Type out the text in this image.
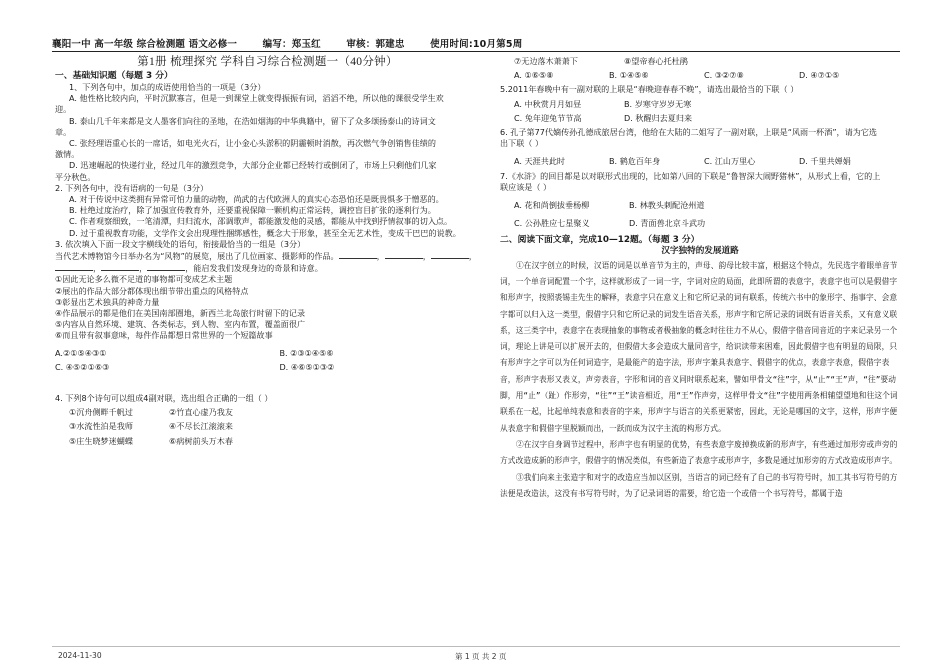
襄阳一中 高一年级 综合检测题 语文必修一	编写：郑玉红	审核：郭建忠	使用时间:10月第5周

第1册 梳理探究 学科自习综合检测题一（40分钟）

一、基础知识题（每题 3 分）

1、下列各句中，加点的成语使用恰当的一项是（3分）

A. 他性格比较内向，平时沉默寡言，但是一到课堂上就变得振振有词，滔滔不绝，所以他的课很受学生欢

迎。

B. 泰山几千年来都是文人墨客们向往的圣地，在浩如烟海的中华典籍中，留下了众多颂扬泰山的诗词文

章。

C. 张经理语重心长的一席话，如电光火石，让小金心头淤积的阴霾顿时消散，再次燃气争创销售佳绩的

激情。

D. 迅速崛起的快递行业，经过几年的激烈竞争，大部分企业都已经转行或倒闭了，市场上只剩他们几家

平分秋色。

2. 下列各句中，没有语病的一句是（3分）

A. 对于传说中这类拥有异常可怕力量的动物，尚武的古代欧洲人的真实心态恐怕还是既畏惧多于憎恶的。

B. 杜绝过度治疗，除了加强宣传教育外，还要重视保障一颗机构正常运转，调控盲目扩张的逐利行为。

C. 作者观察细致，一笔清潭，归归流水，邵调歌声，都能激发他的灵感，都能从中找到抒情叙事的切入点。

D. 过于重视教育功能，文学作文会出现理性捆绑感性，概念大于形象，甚至全无艺术性，变成干巴巴的说教。

3. 依次填入下面一段文字横线处的语句，衔接最恰当的一组是（3分）

当代艺术博物馆今日举办名为“风物”的展览，展出了几位画家、摄影师的作品。	，	，	，

，	，	，能启发我们发现身边的奇景和诗意。

①因此无论多么微不足道的事物都可变成艺术主题

②展出的作品大部分都体现出细节带出重点的风格特点

③彰显出艺术独具的神奇力量

④作品展示的都是他们在美国南部圈地，新西兰北岛旅行时留下的记录

⑤内容从自然环境、建筑、各类标志，到人物、室内布置，覆盖面很广

⑥而且带有叙事意味，每件作品都想日常世界的一个短篇故事

A.②①⑤④③①	B. ②③①④⑤⑥
C. ④⑤②①⑥③	D. ④⑥⑤①③②

4. 下列8个诗句可以组成4副对联，选出组合正确的一组（ ）

①沉舟侧畔千帆过	②竹直心虚乃我友
③水流性泊是我师	④不尽长江滚滚来
⑤庄生晓梦迷蝴蝶	⑥病树前头万木春
⑦无边落木萧萧下	⑧望帝春心托杜鹃
A. ①⑥⑤⑧	B. ①④⑤⑥	C. ③②⑦⑧	D. ④⑦①⑤

5.2011年春晚中有一副对联的上联是“春晚迎春春不晚”，请选出最恰当的下联（ ）

A. 中秋赏月月如昼	B. 岁寒守岁岁无寒
C. 兔年迎兔节节高	D. 秋醒归去夏归来

6. 孔子第77代嫡传孙孔德成旅居台湾，他给在大陆的二姐写了一副对联，上联是“风雨一杯酒”，请为它选

出下联（ ）

A. 天涯共此时	B. 鹤危百年身	C. 江山万里心	D. 千里共婵娟

7.《水浒》的回目都是以对联形式出现的，比如第八回的下联是“鲁智深大闹野猪林”，从形式上看，它的上

联应该是（ ）

A. 花和尚倒拔垂杨柳	B. 林教头刺配沧州道
C. 公孙胜应七星聚义	D. 青面兽北京斗武功

二、阅读下面文章，完成10—12题。（每题 3 分）

汉字独特的发展道路

①在汉字创立的时候，汉语的词是以单音节为主的，声母、韵母比较丰富，根据这个特点，先民选字着眼单音节词，一个单音词配置一个字，这样就形成了一词一字，字词对应的局面，此即所谓的表意字，表意字也可以是假借字和形声字，按照裘锡圭先生的解释，表意字只在意义上和它所记录的词有联系，传统六书中的象形字、指事字、会意字都可以归入这一类型，假借字只和它所记录的词发生语音关系，形声字和它所记录的词既有语音关系，又有意义联系，这三类字中，表意字在表现抽象的事物或者极抽象的概念时往往力不从心，假借字借音同音近的字来记录另一个词，理论上讲是可以扩展开去的，但假借大多会造成大量同音字，给识读带来困难，因此假借字也有明显的局限，只有形声字之字可以为任何词造字，是最能产的造字法，形声字兼具表意字、假借字的优点，表意字表意，假借字表音，形声字表形又表义，声旁表音，字形和词的音义同时联系起来，譬如甲骨文“往”字，从“止”“王”声，“往”要动脚，用“止”（趾）作形旁，“往”“王”读音相近，用“王”作声旁，这样甲骨文“往”字使用两条相辅望望地和往这个词联系在一起，比起单纯表意和表音的字来，形声字与语言的关系更紧密，因此，无论是哪国的文字，这样，形声字便从表意字和假借字里脱颖而出，一跃而成为汉字主流的构形方式。

②在汉字自身调节过程中，形声字也有明显的优势，有些表意字废掉换成新的形声字，有些通过加形旁或声旁的方式改造成新的形声字，假借字的情况类似，有些新造了表意字或形声字，多数是通过加形旁的方式改造成形声字。

③我们向来主张造字和对字的改造应当加以区别，当语言的词已经有了自己的书写符号时，加工其书写符号的方法便是改造法，这没有书写符号时，为了记录词语的需要，给它造一个或借一个书写符号，都属于造

2024-11-30	第 1 页 共 2 页
